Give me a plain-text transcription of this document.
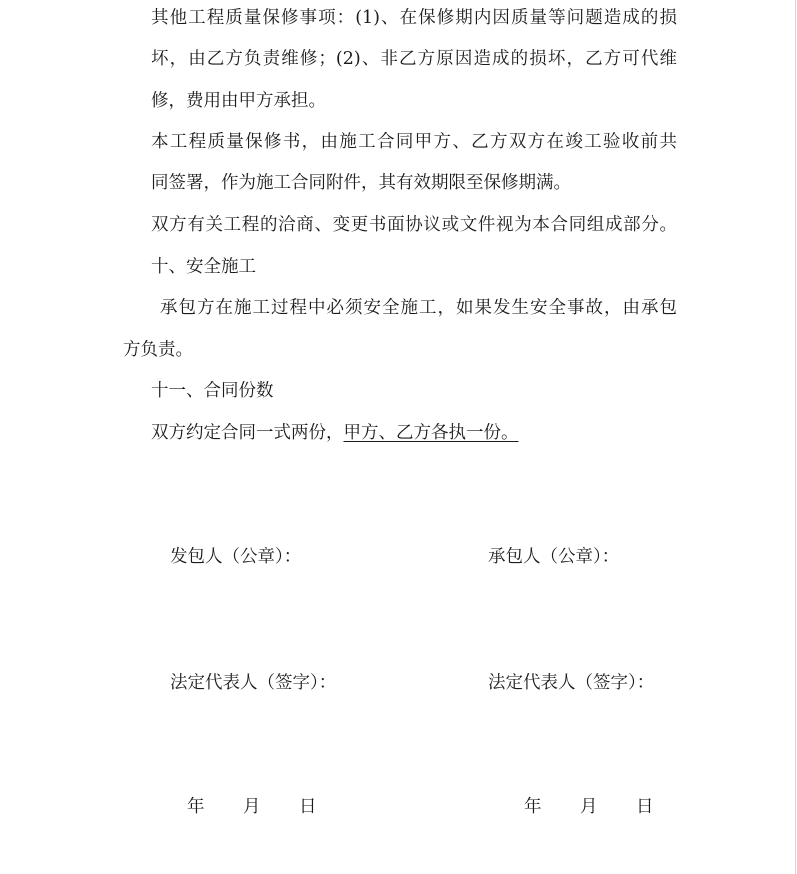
其他工程质量保修事项：(1)、在保修期内因质量等问题造成的损
坏，由乙方负责维修；(2)、非乙方原因造成的损坏，乙方可代维
修，费用由甲方承担。
本工程质量保修书，由施工合同甲方、乙方双方在竣工验收前共
同签署，作为施工合同附件，其有效期限至保修期满。
双方有关工程的洽商、变更书面协议或文件视为本合同组成部分。
十、安全施工
承包方在施工过程中必须安全施工，如果发生安全事故，由承包
方负责。
十一、合同份数
双方约定合同一式两份，甲方、乙方各执一份。
发包人（公章）：
法定代表人（签字）：
年 月 日
承包人（公章）：
法定代表人（签字）：
年 月 日
